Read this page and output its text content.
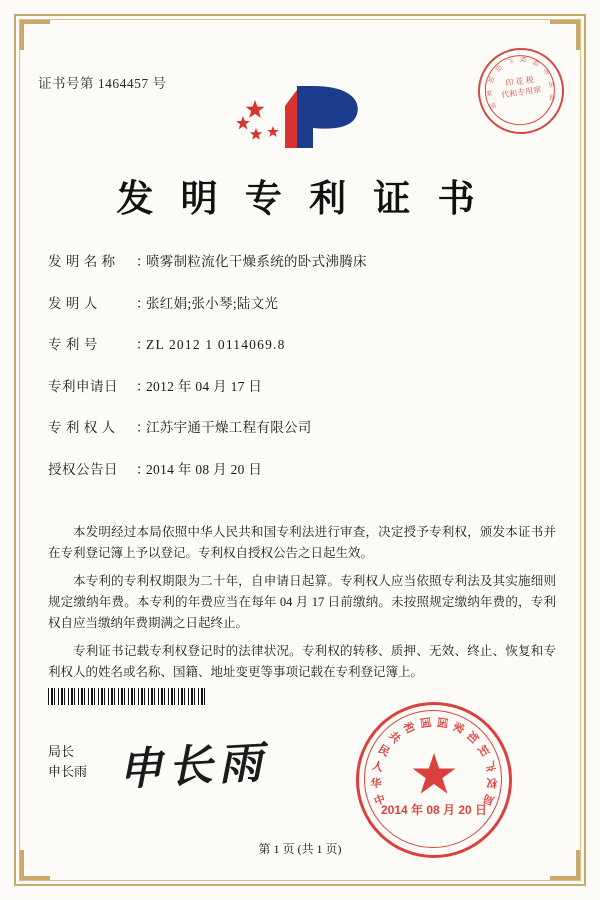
证书号第 1464457 号
国
家
知
识
产 权 局
专
利
局
印 花 税
代和专用章
发 明 专 利 证 书
发 明 名 称	：
喷雾制粒流化干燥系统的卧式沸腾床
发 明 人	：
张红娟;张小琴;陆文光
专 利 号	：
ZL 2012 1 0114069.8
专利申请日	：
2012 年 04 月 17 日
专 利 权 人	：
江苏宇通干燥工程有限公司
授权公告日	：
2014 年 08 月 20 日

本发明经过本局依照中华人民共和国专利法进行审查，决定授予专利权，颁发本证书并在专利登记簿上予以登记。专利权自授权公告之日起生效。

本专利的专利权期限为二十年，自申请日起算。专利权人应当依照专利法及其实施细则规定缴纳年费。本专利的年费应当在每年 04 月 17 日前缴纳。未按照规定缴纳年费的，专利权自应当缴纳年费期满之日起终止。

专利证书记载专利权登记时的法律状况。专利权的转移、质押、无效、终止、恢复和专利权人的姓名或名称、国籍、地址变更等事项记载在专利登记簿上。

局长
申长雨 申长雨
中
华
人
民
共
和 国 国 家
知
识
产
权
局
2014 年 08 月 20 日
第 1 页 (共 1 页)
